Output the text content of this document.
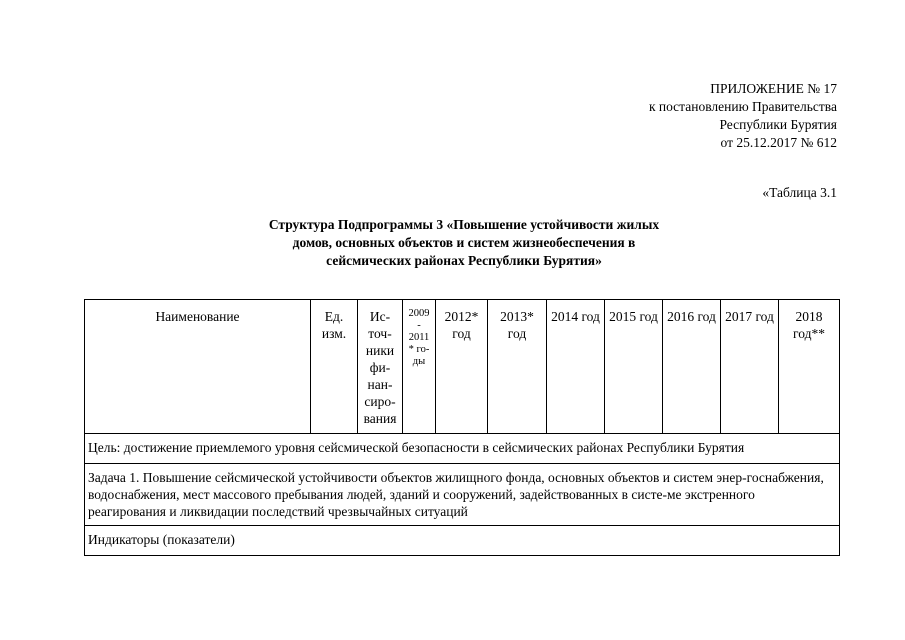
ПРИЛОЖЕНИЕ № 17
к постановлению Правительства
Республики Бурятия
от 25.12.2017 № 612
«Таблица 3.1
Структура Подпрограммы 3 «Повышение устойчивости жилых
домов, основных объектов и систем жизнеобеспечения в
сейсмических районах Республики Бурятия»
Наименование	Ед. изм.	Ис-точ-ники фи-нан-сиро-вания	2009 - 2011 * го-ды	2012* год	2013* год	2014 год	2015 год	2016 год	2017 год	2018 год**
Цель: достижение приемлемого уровня сейсмической безопасности в сейсмических районах Республики Бурятия
Задача 1. Повышение сейсмической устойчивости объектов жилищного фонда, основных объектов и систем энер-госнабжения, водоснабжения, мест массового пребывания людей, зданий и сооружений, задействованных в систе-ме экстренного реагирования и ликвидации последствий чрезвычайных ситуаций
Индикаторы (показатели)
